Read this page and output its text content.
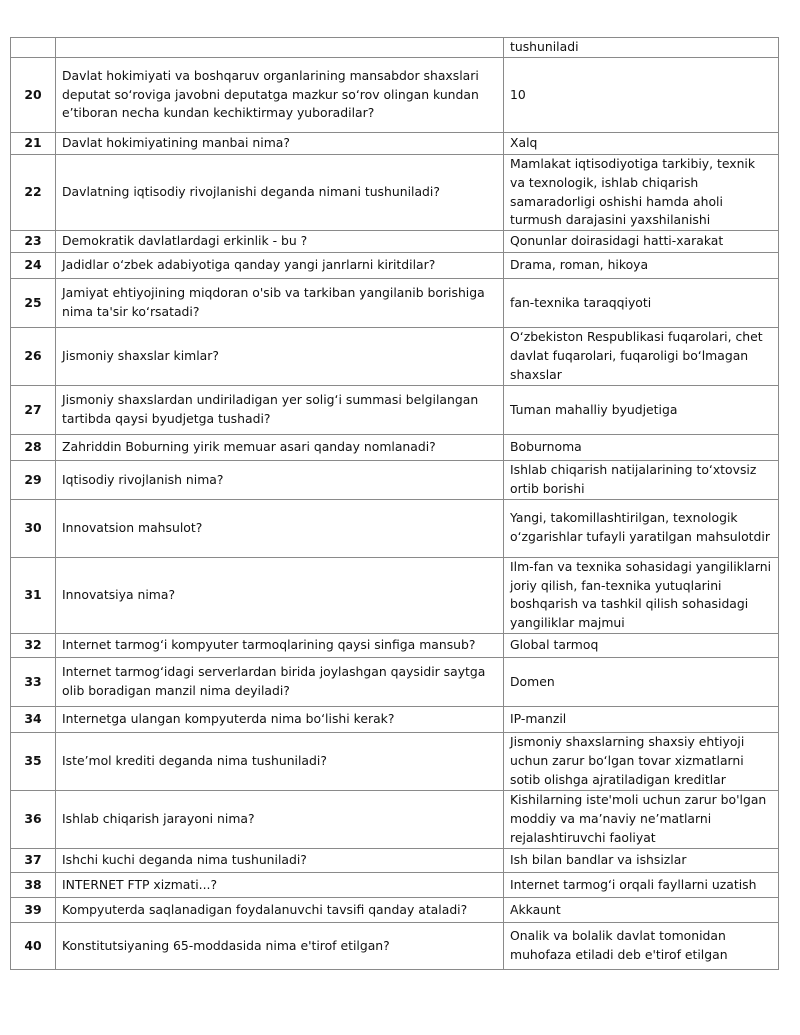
		tushuniladi
20	Davlat hokimiyati va boshqaruv organlarining mansabdor shaxslari deputat so‘roviga javobni deputatga mazkur so‘rov olingan kundan e’tiboran necha kundan kechiktirmay yuboradilar?	10
21	Davlat hokimiyatining manbai nima?	Xalq
22	Davlatning iqtisodiy rivojlanishi deganda nimani tushuniladi?	Mamlakat iqtisodiyotiga tarkibiy, texnik va texnologik, ishlab chiqarish samaradorligi oshishi hamda aholi turmush darajasini yaxshilanishi
23	Demokratik davlatlardagi erkinlik - bu ?	Qonunlar doirasidagi hatti-xarakat
24	Jadidlar o‘zbek adabiyotiga qanday yangi janrlarni kiritdilar?	Drama, roman, hikoya
25	Jamiyat ehtiyojining miqdoran o'sib va tarkiban yangilanib borishiga nima ta'sir ko‘rsatadi?	fan-texnika taraqqiyoti
26	Jismoniy shaxslar kimlar?	O‘zbekiston Respublikasi fuqarolari, chet davlat fuqarolari, fuqaroligi bo‘lmagan shaxslar
27	Jismoniy shaxslardan undiriladigan yer solig‘i summasi belgilangan tartibda qaysi byudjetga tushadi?	Tuman mahalliy byudjetiga
28	Zahriddin Boburning yirik memuar asari qanday nomlanadi?	Boburnoma
29	Iqtisodiy rivojlanish nima?	Ishlab chiqarish natijalarining to‘xtovsiz ortib borishi
30	Innovatsion mahsulot?	Yangi, takomillashtirilgan, texnologik o‘zgarishlar tufayli yaratilgan mahsulotdir
31	Innovatsiya nima?	Ilm-fan va texnika sohasidagi yangiliklarni joriy qilish, fan-texnika yutuqlarini boshqarish va tashkil qilish sohasidagi yangiliklar majmui
32	Internet tarmog‘i kompyuter tarmoqlarining qaysi sinfiga mansub?	Global tarmoq
33	Internet tarmog‘idagi serverlardan birida joylashgan qaysidir saytga olib boradigan manzil nima deyiladi?	Domen
34	Internetga ulangan kompyuterda nima bo‘lishi kerak?	IP-manzil
35	Iste’mol krediti deganda nima tushuniladi?	Jismoniy shaxslarning shaxsiy ehtiyoji uchun zarur bo‘lgan tovar xizmatlarni sotib olishga ajratiladigan kreditlar
36	Ishlab chiqarish jarayoni nima?	Kishilarning iste'moli uchun zarur bo'lgan moddiy va ma’naviy ne’matlarni rejalashtiruvchi faoliyat
37	Ishchi kuchi deganda nima tushuniladi?	Ish bilan bandlar va ishsizlar
38	INTERNET FTP xizmati...?	Internet tarmog‘i orqali fayllarni uzatish
39	Kompyuterda saqlanadigan foydalanuvchi tavsifi qanday ataladi?	Akkaunt
40	Konstitutsiyaning 65-moddasida nima e'tirof etilgan?	Onalik va bolalik davlat tomonidan muhofaza etiladi deb e'tirof etilgan
